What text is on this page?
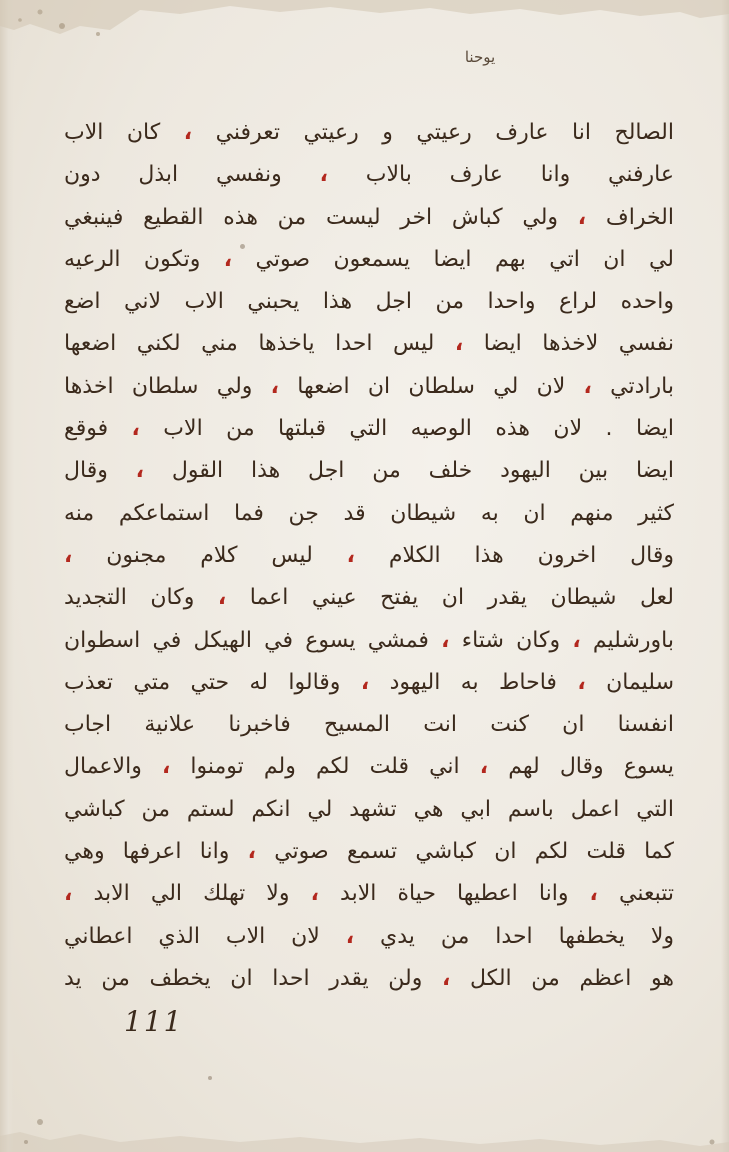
يوحنا
الصالح انا عارف رعيتي و رعيتي تعرفني ، كان الاب
عارفني وانا عارف بالاب ، ونفسي ابذل دون
الخراف ، ولي كباش اخر ليست من هذه القطيع فينبغي
لي ان اتي بهم ايضا يسمعون صوتي ، وتكون الرعيه
واحده لراع واحدا من اجل هذا يحبني الاب لاني اضع
نفسي لاخذها ايضا ، ليس احدا ياخذها مني لكني اضعها
بارادتي ، لان لي سلطان ان اضعها ، ولي سلطان اخذها
ايضا . لان هذه الوصيه التي قبلتها من الاب ، فوقع
ايضا بين اليهود خلف من اجل هذا القول ، وقال
كثير منهم ان به شيطان قد جن فما استماعكم منه
وقال اخرون هذا الكلام ، ليس كلام مجنون ،
لعل شيطان يقدر ان يفتح عيني اعما ، وكان التجديد
باورشليم ، وكان شتاء ، فمشي يسوع في الهيكل في اسطوان
سليمان ، فاحاط به اليهود ، وقالوا له حتي متي تعذب
انفسنا ان كنت انت المسيح فاخبرنا علانية اجاب
يسوع وقال لهم ، اني قلت لكم ولم تومنوا ، والاعمال
التي اعمل باسم ابي هي تشهد لي انكم لستم من كباشي
كما قلت لكم ان كباشي تسمع صوتي ، وانا اعرفها وهي
تتبعني ، وانا اعطيها حياة الابد ، ولا تهلك الي الابد ،
ولا يخطفها احدا من يدي ، لان الاب الذي اعطاني
هو اعظم من الكل ، ولن يقدر احدا ان يخطف من يد
111
